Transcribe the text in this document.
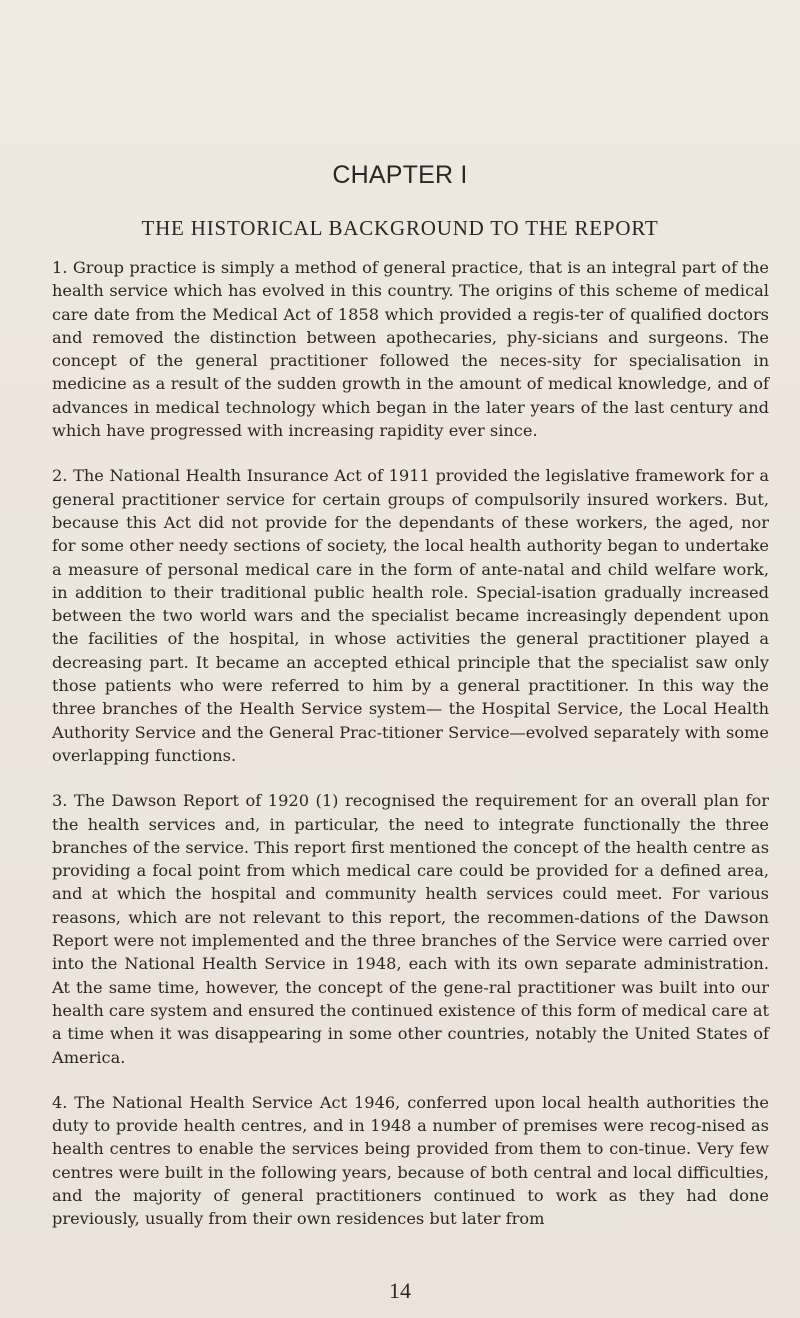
CHAPTER I
THE HISTORICAL BACKGROUND TO THE REPORT

1. Group practice is simply a method of general practice, that is an integral part of the health service which has evolved in this country. The origins of this scheme of medical care date from the Medical Act of 1858 which provided a regis-ter of qualified doctors and removed the distinction between apothecaries, phy-sicians and surgeons. The concept of the general practitioner followed the neces-sity for specialisation in medicine as a result of the sudden growth in the amount of medical knowledge, and of advances in medical technology which began in the later years of the last century and which have progressed with increasing rapidity ever since.

2. The National Health Insurance Act of 1911 provided the legislative framework for a general practitioner service for certain groups of compulsorily insured workers. But, because this Act did not provide for the dependants of these workers, the aged, nor for some other needy sections of society, the local health authority began to undertake a measure of personal medical care in the form of ante-natal and child welfare work, in addition to their traditional public health role. Special-isation gradually increased between the two world wars and the specialist became increasingly dependent upon the facilities of the hospital, in whose activities the general practitioner played a decreasing part. It became an accepted ethical principle that the specialist saw only those patients who were referred to him by a general practitioner. In this way the three branches of the Health Service system— the Hospital Service, the Local Health Authority Service and the General Prac-titioner Service—evolved separately with some overlapping functions.

3. The Dawson Report of 1920 (1) recognised the requirement for an overall plan for the health services and, in particular, the need to integrate functionally the three branches of the service. This report first mentioned the concept of the health centre as providing a focal point from which medical care could be provided for a defined area, and at which the hospital and community health services could meet. For various reasons, which are not relevant to this report, the recommen-dations of the Dawson Report were not implemented and the three branches of the Service were carried over into the National Health Service in 1948, each with its own separate administration. At the same time, however, the concept of the gene-ral practitioner was built into our health care system and ensured the continued existence of this form of medical care at a time when it was disappearing in some other countries, notably the United States of America.

4. The National Health Service Act 1946, conferred upon local health authorities the duty to provide health centres, and in 1948 a number of premises were recog-nised as health centres to enable the services being provided from them to con-tinue. Very few centres were built in the following years, because of both central and local difficulties, and the majority of general practitioners continued to work as they had done previously, usually from their own residences but later from

14
